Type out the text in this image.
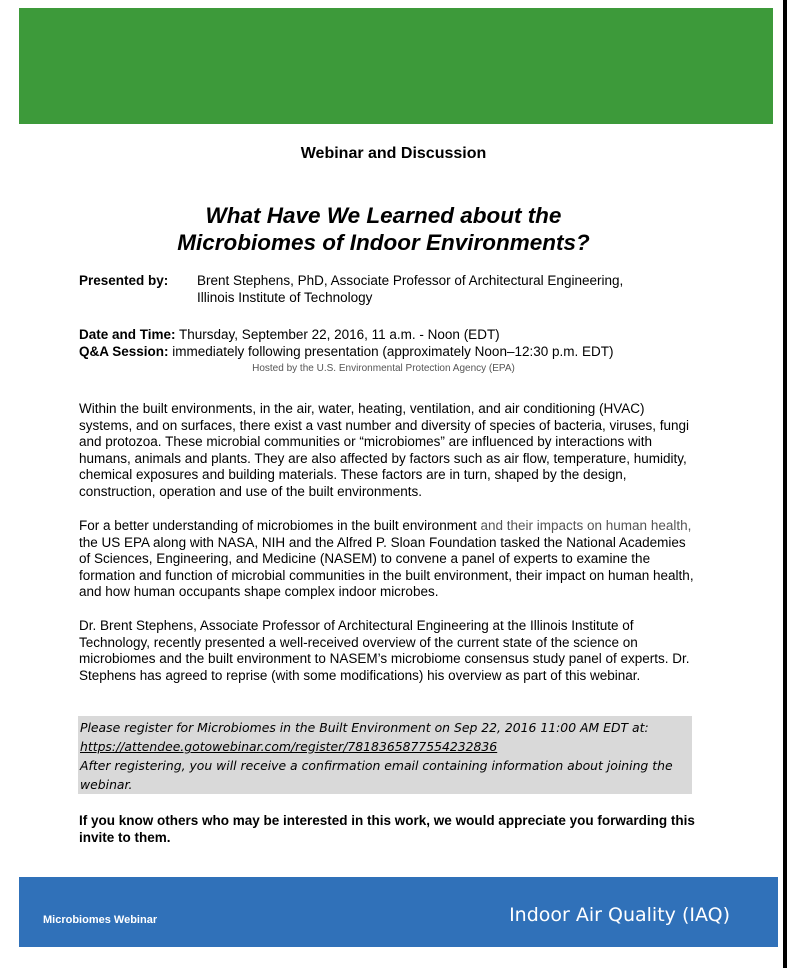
Webinar and Discussion
What Have We Learned about the
Microbiomes of Indoor Environments?
Presented by: Brent Stephens, PhD, Associate Professor of Architectural Engineering,
Illinois Institute of Technology
Date and Time: Thursday, September 22, 2016, 11 a.m. - Noon (EDT)
Q&A Session: immediately following presentation (approximately Noon–12:30 p.m. EDT)
Hosted by the U.S. Environmental Protection Agency (EPA)
Within the built environments, in the air, water, heating, ventilation, and air conditioning (HVAC) systems, and on surfaces, there exist a vast number and diversity of species of bacteria, viruses, fungi and protozoa. These microbial communities or “microbiomes” are influenced by interactions with humans, animals and plants. They are also affected by factors such as air flow, temperature, humidity, chemical exposures and building materials. These factors are in turn, shaped by the design, construction, operation and use of the built environments.
For a better understanding of microbiomes in the built environment and their impacts on human health, the US EPA along with NASA, NIH and the Alfred P. Sloan Foundation tasked the National Academies of Sciences, Engineering, and Medicine (NASEM) to convene a panel of experts to examine the formation and function of microbial communities in the built environment, their impact on human health, and how human occupants shape complex indoor microbes.
Dr. Brent Stephens, Associate Professor of Architectural Engineering at the Illinois Institute of Technology, recently presented a well-received overview of the current state of the science on microbiomes and the built environment to NASEM’s microbiome consensus study panel of experts. Dr. Stephens has agreed to reprise (with some modifications) his overview as part of this webinar.
Please register for Microbiomes in the Built Environment on Sep 22, 2016 11:00 AM EDT at:
https://attendee.gotowebinar.com/register/7818365877554232836
After registering, you will receive a confirmation email containing information about joining the webinar.
If you know others who may be interested in this work, we would appreciate you forwarding this invite to them.
Microbiomes Webinar	Indoor Air Quality (IAQ)
